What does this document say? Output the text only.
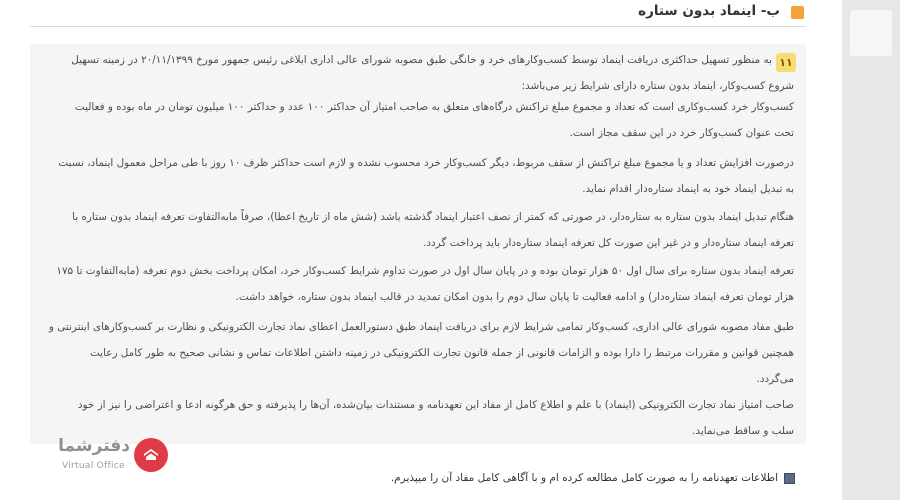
ب- اینماد بدون ستاره
۱۱
به منظور تسهیل حداکثری دریافت اینماد توسط کسب‌وکارهای خرد و خانگی طبق مصوبه شورای عالی اداری ابلاغی رئیس جمهور مورخ ۲۰/۱۱/۱۳۹۹ در زمینه تسهیل
شروع کسب‌وکار، اینماد بدون ستاره دارای شرایط زیر می‌باشد:
کسب‌وکار خرد کسب‌وکاری است که تعداد و مجموع مبلغ تراکنش درگاه‌های متعلق به صاحب امتیاز آن حداکثر ۱۰۰ عدد و حداکثر ۱۰۰ میلیون تومان در ماه بوده و فعالیت
تحت عنوان کسب‌وکار خرد در این سقف مجاز است.
درصورت افزایش تعداد و یا مجموع مبلغ تراکنش از سقف مربوط، دیگر کسب‌وکار خرد محسوب نشده و لازم است حداکثر ظرف ۱۰ روز با طی مراحل معمول اینماد، نسبت
به تبدیل اینماد خود به اینماد ستاره‌دار اقدام نماید.
هنگام تبدیل اینماد بدون ستاره به ستاره‌دار، در صورتی که کمتر از نصف اعتبار اینماد گذشته باشد (شش ماه از تاریخ اعطا)، صرفاً مابه‌التفاوت تعرفه اینماد بدون ستاره با
تعرفه اینماد ستاره‌دار و در غیر این صورت کل تعرفه اینماد ستاره‌دار باید پرداخت گردد.
تعرفه اینماد بدون ستاره برای سال اول ۵۰ هزار تومان بوده و در پایان سال اول در صورت تداوم شرایط کسب‌وکار خرد، امکان پرداخت بخش دوم تعرفه (مابه‌التفاوت تا ۱۷۵
هزار تومان تعرفه اینماد ستاره‌دار) و ادامه فعالیت تا پایان سال دوم را بدون امکان تمدید در قالب اینماد بدون ستاره، خواهد داشت.
طبق مفاد مصوبه شورای عالی اداری، کسب‌وکار تمامی شرایط لازم برای دریافت اینماد طبق دستورالعمل اعطای نماد تجارت الکترونیکی و نظارت بر کسب‌وکارهای اینترنتی و
همچنین قوانین و مقررات مرتبط را دارا بوده و الزامات قانونی از جمله قانون تجارت الکترونیکی در زمینه داشتن اطلاعات تماس و نشانی صحیح به طور کامل رعایت
می‌گردد.
صاحب امتیاز نماد تجارت الکترونیکی (اینماد) با علم و اطلاع کامل از مفاد این تعهدنامه و مستندات بیان‌شده، آن‌ها را پذیرفته و حق هرگونه ادعا و اعتراضی را نیز از خود
سلب و ساقط می‌نماید.
دفترشما
Virtual Office
اطلاعات تعهدنامه را به صورت کامل مطالعه کرده ام و با آگاهی کامل مفاد آن را میپذیرم.
